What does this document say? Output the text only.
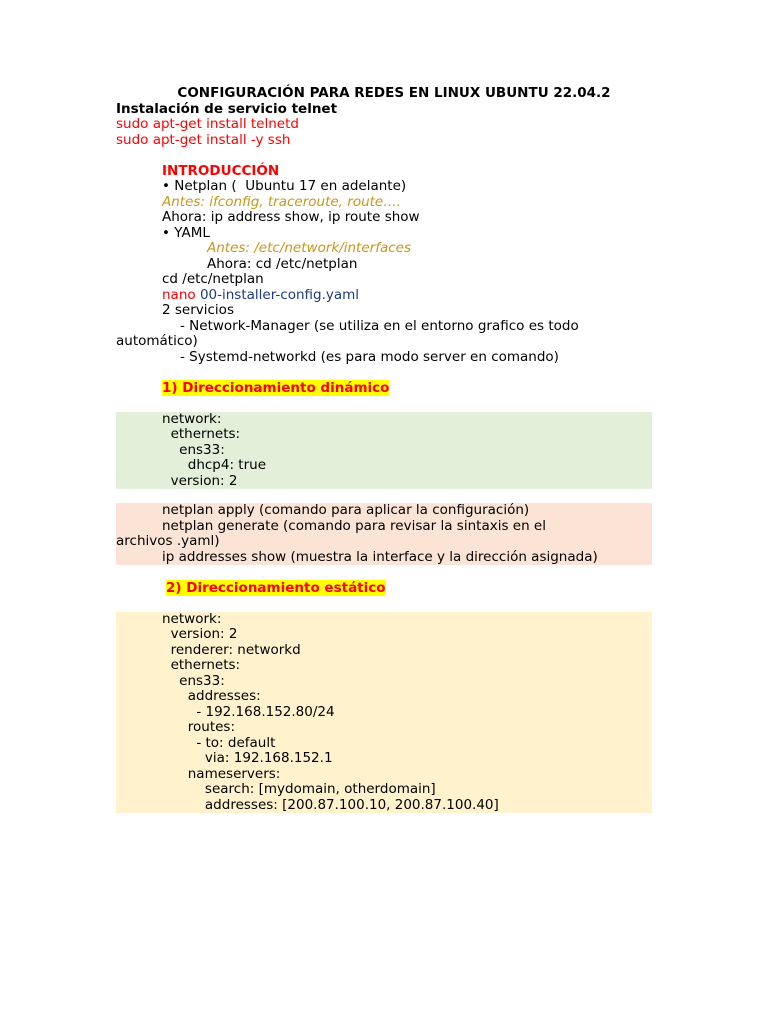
CONFIGURACIÓN PARA REDES EN LINUX UBUNTU 22.04.2
Instalación de servicio telnet
sudo apt-get install telnetd
sudo apt-get install -y ssh
INTRODUCCIÓN
• Netplan (  Ubuntu 17 en adelante)
Antes: ifconfig, traceroute, route….
Ahora: ip address show, ip route show
• YAML
Antes: /etc/network/interfaces
Ahora: cd /etc/netplan
cd /etc/netplan
nano 00-installer-config.yaml
2 servicios
- Network-Manager (se utiliza en el entorno grafico es todo automático)
- Systemd-networkd (es para modo server en comando)
1) Direccionamiento dinámico
network:
ethernets:
ens33:
dhcp4: true
version: 2
netplan apply (comando para aplicar la configuración)
netplan generate (comando para revisar la sintaxis en el archivos .yaml)
ip addresses show (muestra la interface y la dirección asignada)
2) Direccionamiento estático
network:
version: 2
renderer: networkd
ethernets:
ens33:
addresses:
- 192.168.152.80/24
routes:
- to: default
via: 192.168.152.1
nameservers:
search: [mydomain, otherdomain]
addresses: [200.87.100.10, 200.87.100.40]
